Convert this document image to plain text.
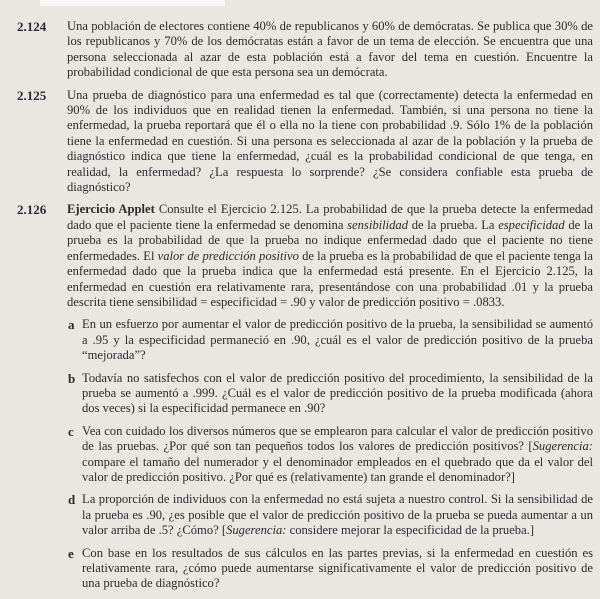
2.124	Una población de electores contiene 40% de republicanos y 60% de demócratas. Se publica que 30% de los republicanos y 70% de los demócratas están a favor de un tema de elección. Se encuentra que una persona seleccionada al azar de esta población está a favor del tema en cuestión. Encuentre la probabilidad condicional de que esta persona sea un demócrata.

2.125	Una prueba de diagnóstico para una enfermedad es tal que (correctamente) detecta la enfermedad en 90% de los individuos que en realidad tienen la enfermedad. También, si una persona no tiene la enfermedad, la prueba reportará que él o ella no la tiene con probabilidad .9. Sólo 1% de la población tiene la enfermedad en cuestión. Si una persona es seleccionada al azar de la población y la prueba de diagnóstico indica que tiene la enfermedad, ¿cuál es la probabilidad condicional de que tenga, en realidad, la enfermedad? ¿La respuesta lo sorprende? ¿Se considera confiable esta prueba de diagnóstico?

2.126	Ejercicio Applet Consulte el Ejercicio 2.125. La probabilidad de que la prueba detecte la enfermedad dado que el paciente tiene la enfermedad se denomina sensibilidad de la prueba. La especificidad de la prueba es la probabilidad de que la prueba no indique enfermedad dado que el paciente no tiene enfermedades. El valor de predicción positivo de la prueba es la probabilidad de que el paciente tenga la enfermedad dado que la prueba indica que la enfermedad está presente. En el Ejercicio 2.125, la enfermedad en cuestión era relativamente rara, presentándose con una probabilidad .01 y la prueba descrita tiene sensibilidad = especificidad = .90 y valor de predicción positivo = .0833.

a En un esfuerzo por aumentar el valor de predicción positivo de la prueba, la sensibilidad se aumentó a .95 y la especificidad permaneció en .90, ¿cuál es el valor de predicción positivo de la prueba “mejorada”?
b Todavía no satisfechos con el valor de predicción positivo del procedimiento, la sensibilidad de la prueba se aumentó a .999. ¿Cuál es el valor de predicción positivo de la prueba modificada (ahora dos veces) si la especificidad permanece en .90?
c Vea con cuidado los diversos números que se emplearon para calcular el valor de predicción positivo de las pruebas. ¿Por qué son tan pequeños todos los valores de predicción positivos? [Sugerencia: compare el tamaño del numerador y el denominador empleados en el quebrado que da el valor del valor de predicción positivo. ¿Por qué es (relativamente) tan grande el denominador?]
d La proporción de individuos con la enfermedad no está sujeta a nuestro control. Si la sensibilidad de la prueba es .90, ¿es posible que el valor de predicción positivo de la prueba se pueda aumentar a un valor arriba de .5? ¿Cómo? [Sugerencia: considere mejorar la especificidad de la prueba.]
e Con base en los resultados de sus cálculos en las partes previas, si la enfermedad en cuestión es relativamente rara, ¿cómo puede aumentarse significativamente el valor de predicción positivo de una prueba de diagnóstico?
